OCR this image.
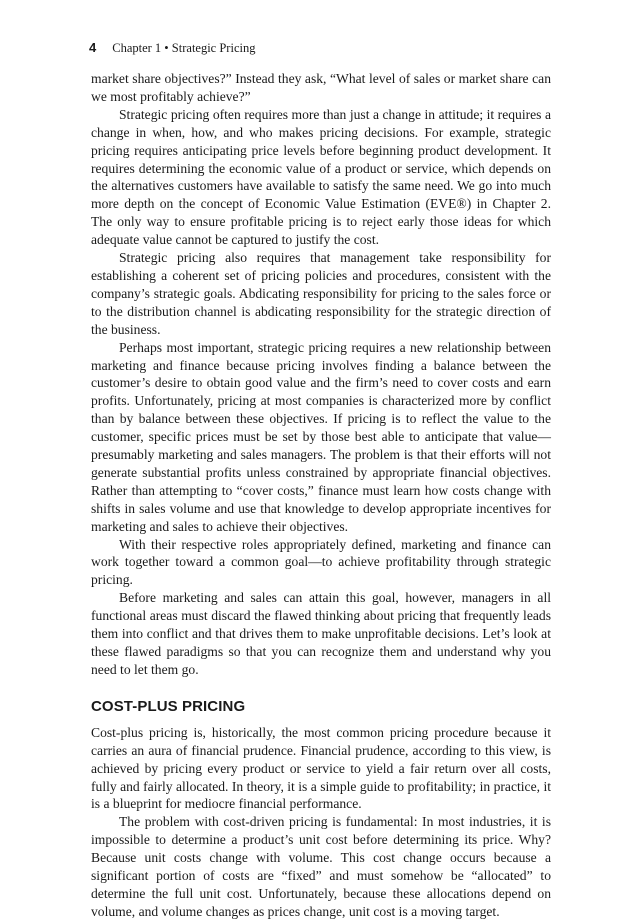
4 Chapter 1 • Strategic Pricing

market share objectives?” Instead they ask, “What level of sales or market share can we most profitably achieve?”

Strategic pricing often requires more than just a change in attitude; it requires a change in when, how, and who makes pricing decisions. For example, strategic pricing requires anticipating price levels before beginning product development. It requires determining the economic value of a product or service, which depends on the alternatives customers have available to satisfy the same need. We go into much more depth on the concept of Economic Value Estimation (EVE®) in Chapter 2. The only way to ensure profitable pricing is to reject early those ideas for which adequate value cannot be captured to justify the cost.

Strategic pricing also requires that management take responsibility for establishing a coherent set of pricing policies and procedures, consistent with the company’s strategic goals. Abdicating responsibility for pricing to the sales force or to the distribution channel is abdicating responsibility for the strategic direction of the business.

Perhaps most important, strategic pricing requires a new relationship between marketing and finance because pricing involves finding a balance between the customer’s desire to obtain good value and the firm’s need to cover costs and earn profits. Unfortunately, pricing at most companies is characterized more by conflict than by balance between these objectives. If pricing is to reflect the value to the customer, specific prices must be set by those best able to anticipate that value—presumably marketing and sales managers. The problem is that their efforts will not generate substantial profits unless constrained by appropriate financial objectives. Rather than attempting to “cover costs,” finance must learn how costs change with shifts in sales volume and use that knowledge to develop appropriate incentives for marketing and sales to achieve their objectives.

With their respective roles appropriately defined, marketing and finance can work together toward a common goal—to achieve profitability through strategic pricing.

Before marketing and sales can attain this goal, however, managers in all functional areas must discard the flawed thinking about pricing that frequently leads them into conflict and that drives them to make unprofitable decisions. Let’s look at these flawed paradigms so that you can recognize them and understand why you need to let them go.

COST-PLUS PRICING

Cost-plus pricing is, historically, the most common pricing procedure because it carries an aura of financial prudence. Financial prudence, according to this view, is achieved by pricing every product or service to yield a fair return over all costs, fully and fairly allocated. In theory, it is a simple guide to profitability; in practice, it is a blueprint for mediocre financial performance.

The problem with cost-driven pricing is fundamental: In most industries, it is impossible to determine a product’s unit cost before determining its price. Why? Because unit costs change with volume. This cost change occurs because a significant portion of costs are “fixed” and must somehow be “allocated” to determine the full unit cost. Unfortunately, because these allocations depend on volume, and volume changes as prices change, unit cost is a moving target.
